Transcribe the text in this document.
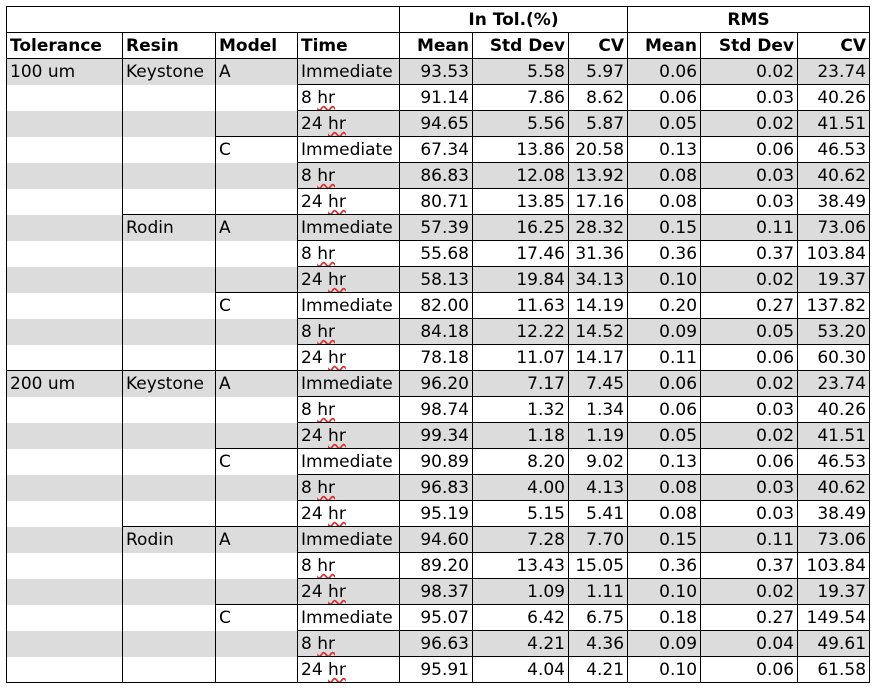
				In Tol.(%)			RMS		
Tolerance	Resin	Model	Time	Mean	Std Dev	CV	Mean	Std Dev	CV
100 um	Keystone	A	Immediate	93.53	5.58	5.97	0.06	0.02	23.74
			8 hr	91.14	7.86	8.62	0.06	0.03	40.26
			24 hr	94.65	5.56	5.87	0.05	0.02	41.51
		C	Immediate	67.34	13.86	20.58	0.13	0.06	46.53
			8 hr	86.83	12.08	13.92	0.08	0.03	40.62
			24 hr	80.71	13.85	17.16	0.08	0.03	38.49
	Rodin	A	Immediate	57.39	16.25	28.32	0.15	0.11	73.06
			8 hr	55.68	17.46	31.36	0.36	0.37	103.84
			24 hr	58.13	19.84	34.13	0.10	0.02	19.37
		C	Immediate	82.00	11.63	14.19	0.20	0.27	137.82
			8 hr	84.18	12.22	14.52	0.09	0.05	53.20
			24 hr	78.18	11.07	14.17	0.11	0.06	60.30
200 um	Keystone	A	Immediate	96.20	7.17	7.45	0.06	0.02	23.74
			8 hr	98.74	1.32	1.34	0.06	0.03	40.26
			24 hr	99.34	1.18	1.19	0.05	0.02	41.51
		C	Immediate	90.89	8.20	9.02	0.13	0.06	46.53
			8 hr	96.83	4.00	4.13	0.08	0.03	40.62
			24 hr	95.19	5.15	5.41	0.08	0.03	38.49
	Rodin	A	Immediate	94.60	7.28	7.70	0.15	0.11	73.06
			8 hr	89.20	13.43	15.05	0.36	0.37	103.84
			24 hr	98.37	1.09	1.11	0.10	0.02	19.37
		C	Immediate	95.07	6.42	6.75	0.18	0.27	149.54
			8 hr	96.63	4.21	4.36	0.09	0.04	49.61
			24 hr	95.91	4.04	4.21	0.10	0.06	61.58
